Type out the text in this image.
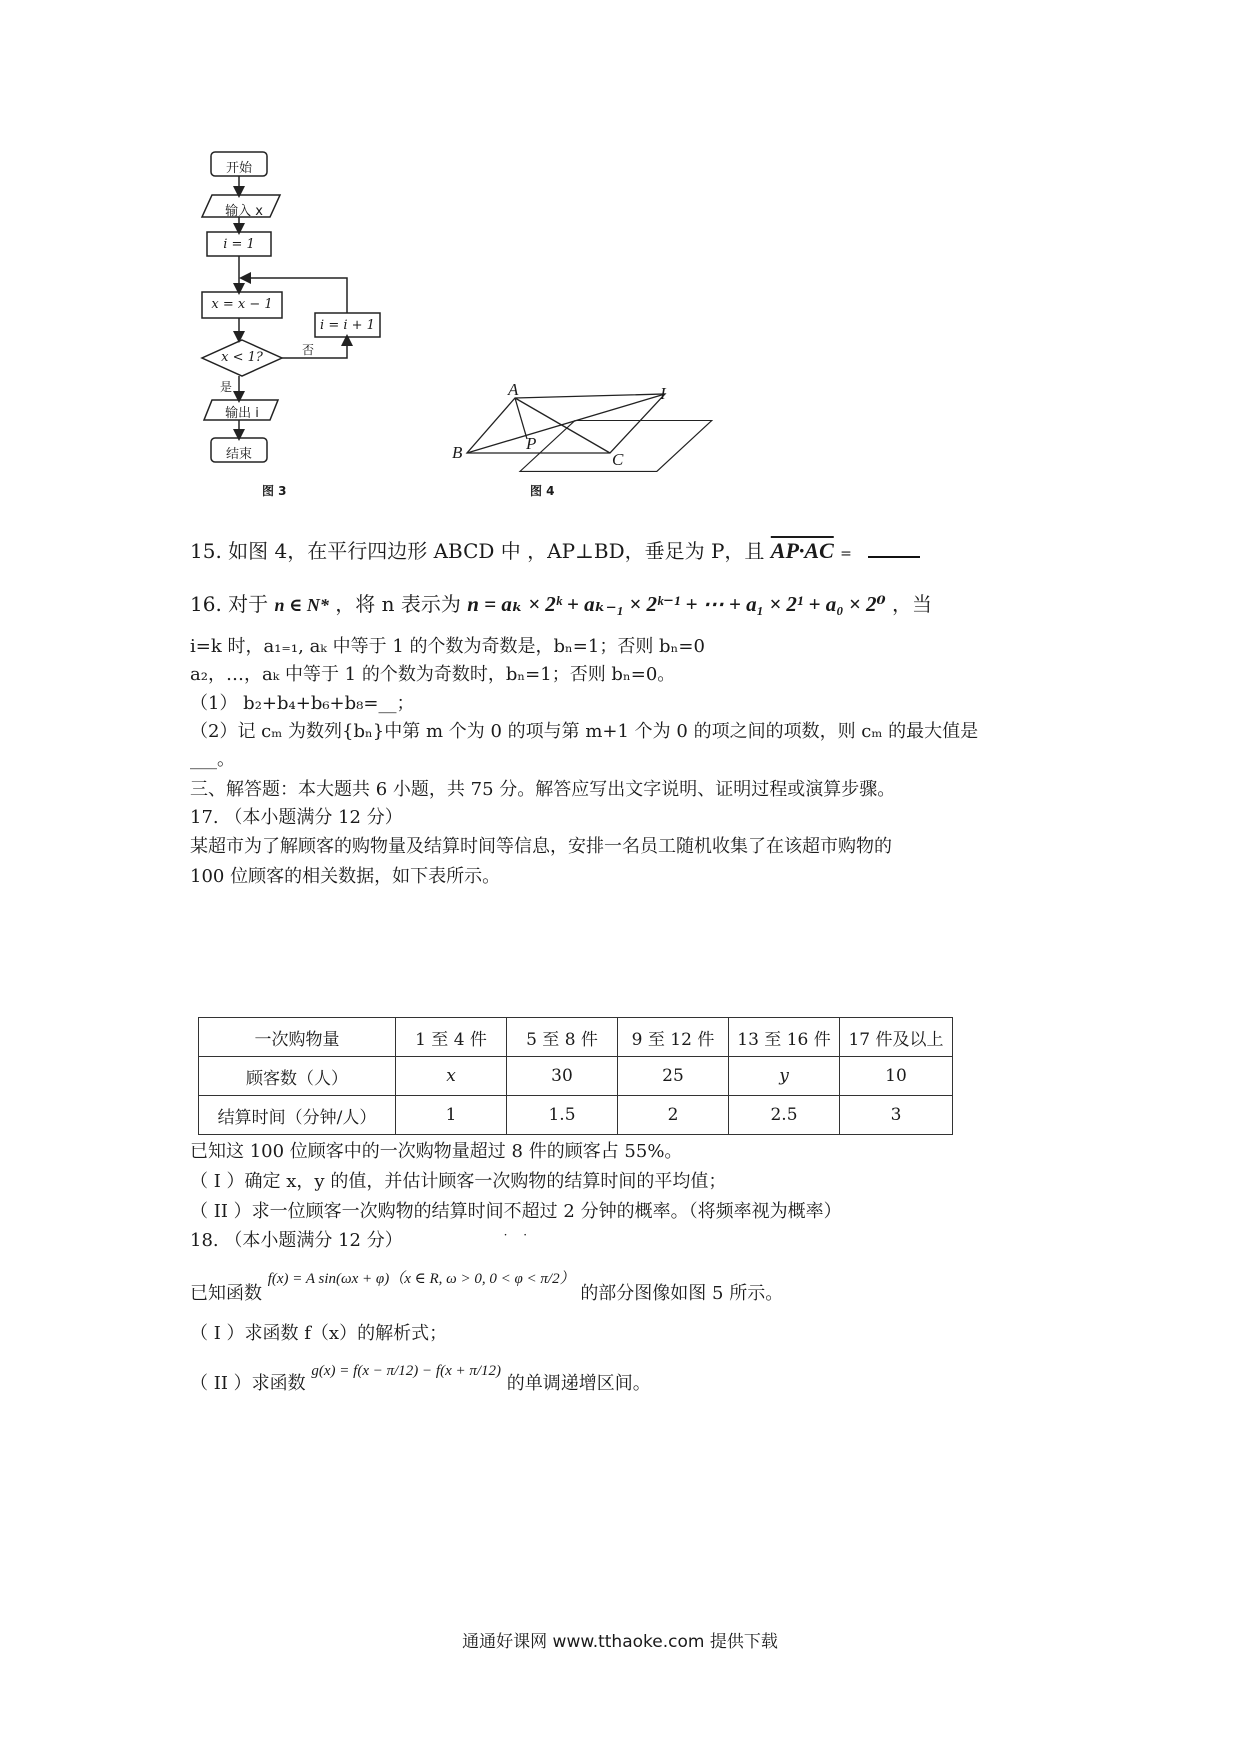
开始
输入 x
i = 1
x = x − 1
i = i + 1
x < 1?	否
是
输出 i
结束
图 3
A	I
B	C
P
图 4
15. 如图 4，在平行四边形 ABCD 中 ，AP⊥BD，垂足为 P，且 AP·AC =
16. 对于 n ∈ N* ，将 n 表示为 n = aₖ × 2ᵏ + aₖ₋₁ × 2ᵏ⁻¹ + ⋯ + a₁ × 2¹ + a₀ × 2⁰ ，当
i=k 时，a₁₌₁, aₖ 中等于 1 的个数为奇数是，bₙ=1；否则 bₙ=0
a₂，…，aₖ 中等于 1 的个数为奇数时，bₙ=1；否则 bₙ=0。
（1） b₂+b₄+b₆+b₈=__；
（2）记 cₘ 为数列{bₙ}中第 m 个为 0 的项与第 m+1 个为 0 的项之间的项数，则 cₘ 的最大值是
___。
三、解答题：本大题共 6 小题，共 75 分。解答应写出文字说明、证明过程或演算步骤。
17. （本小题满分 12 分）
某超市为了解顾客的购物量及结算时间等信息，安排一名员工随机收集了在该超市购物的
100 位顾客的相关数据，如下表所示。
一次购物量	1 至 4 件	5 至 8 件	9 至 12 件	13 至 16 件	17 件及以上
顾客数（人）	x	30	25	y	10
结算时间（分钟/人）	1	1.5	2	2.5	3
已知这 100 位顾客中的一次购物量超过 8 件的顾客占 55%。
（ I ）确定 x，y 的值，并估计顾客一次购物的结算时间的平均值；
（ II ）求一位顾客一次购物的结算时间不超过 · · 2 分钟的概率。（将频率视为概率）
18. （本小题满分 12 分）
已知函数 $^{f(x) = A sin(\omega x + \varphi)(x \in R, \omega > 0, 0 < \varphi < \pi/2)}$ 的部分图像如图 5 所示。
（ I ）求函数 f（x）的解析式；
（ II ）求函数 $^{g(x) = f(x - \pi/12) - f(x + \pi/12)}$ 的单调递增区间。
通通好课网 www.tthaoke.com 提供下载
